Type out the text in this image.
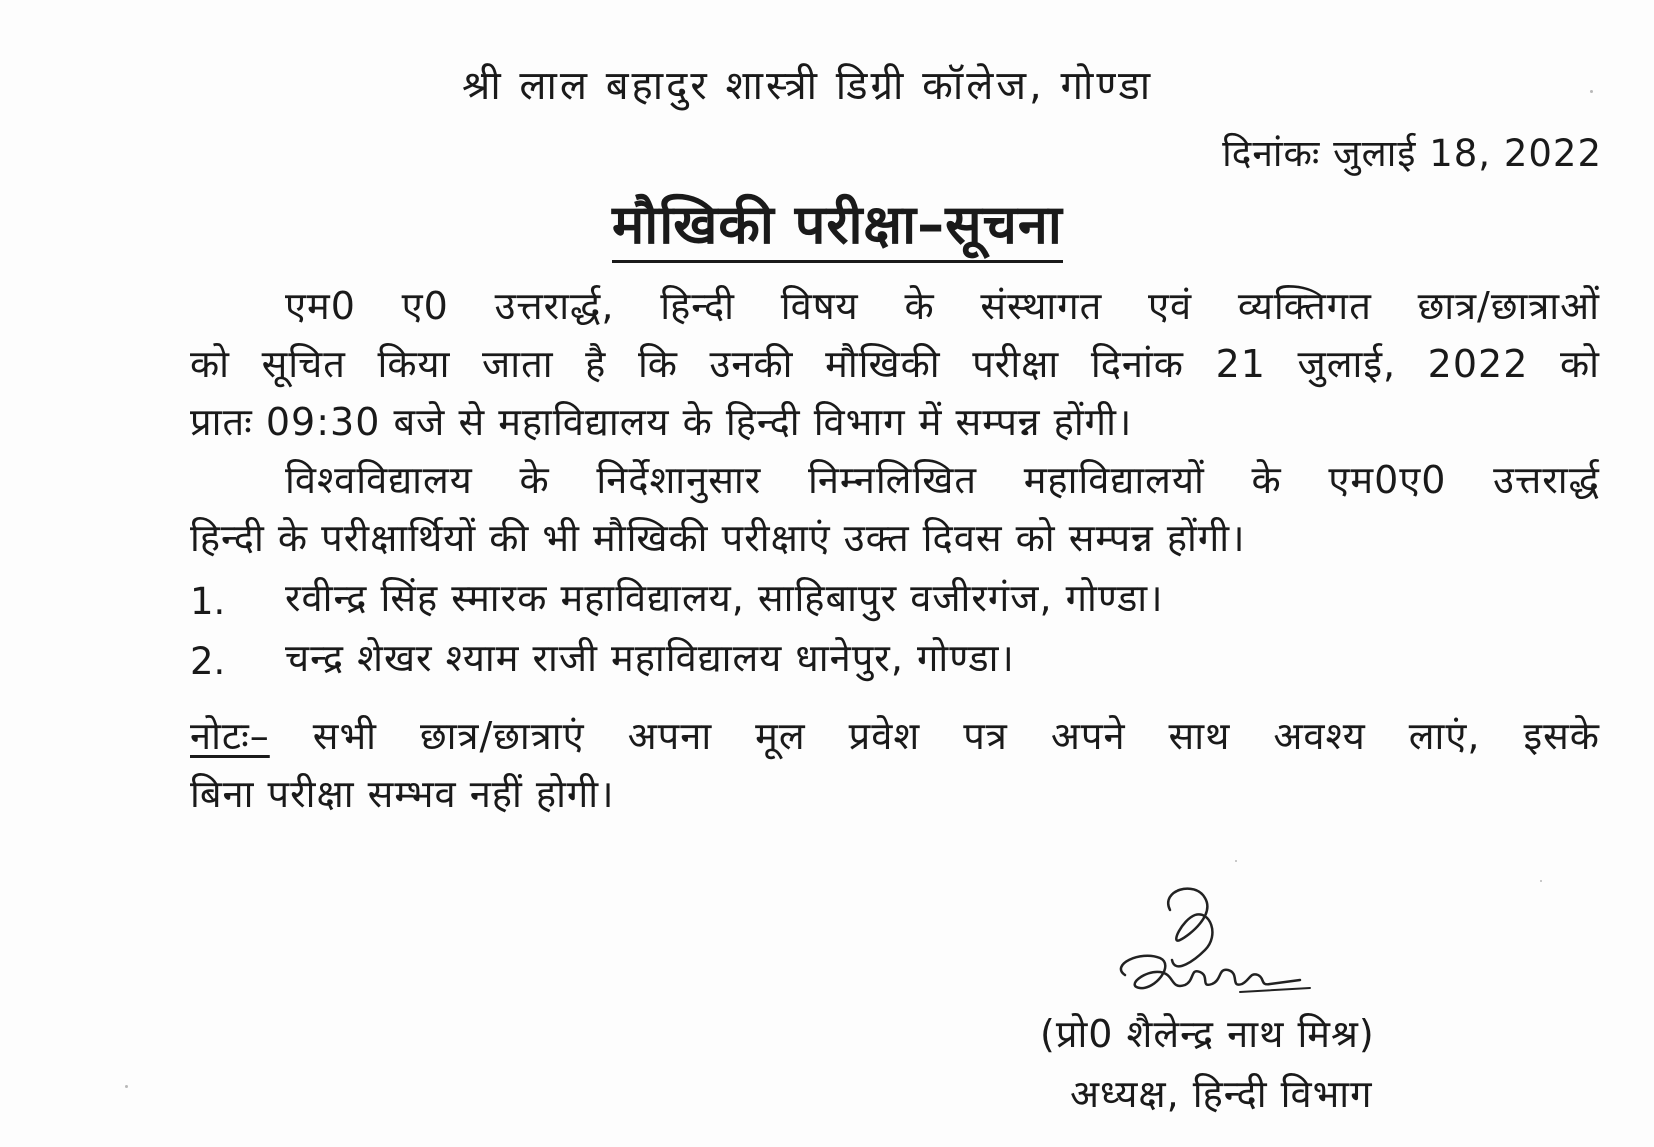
श्री लाल बहादुर शास्त्री डिग्री कॉलेज, गोण्डा
दिनांकः जुलाई 18, 2022
मौखिकी परीक्षा–सूचना
एम0 ए0 उत्तरार्द्ध, हिन्दी विषय के संस्थागत एवं व्यक्तिगत छात्र/छात्राओं
को सूचित किया जाता है कि उनकी मौखिकी परीक्षा दिनांक 21 जुलाई, 2022 को
प्रातः 09:30 बजे से महाविद्यालय के हिन्दी विभाग में सम्पन्न होंगी।
विश्वविद्यालय के निर्देशानुसार निम्नलिखित महाविद्यालयों के एम0ए0 उत्तरार्द्ध
हिन्दी के परीक्षार्थियों की भी मौखिकी परीक्षाएं उक्त दिवस को सम्पन्न होंगी।
1. रवीन्द्र सिंह स्मारक महाविद्यालय, साहिबापुर वजीरगंज, गोण्डा।
2. चन्द्र शेखर श्याम राजी महाविद्यालय धानेपुर, गोण्डा।
नोटः– सभी छात्र/छात्राएं अपना मूल प्रवेश पत्र अपने साथ अवश्य लाएं, इसके
बिना परीक्षा सम्भव नहीं होगी।
(प्रो0 शैलेन्द्र नाथ मिश्र)
अध्यक्ष, हिन्दी विभाग
